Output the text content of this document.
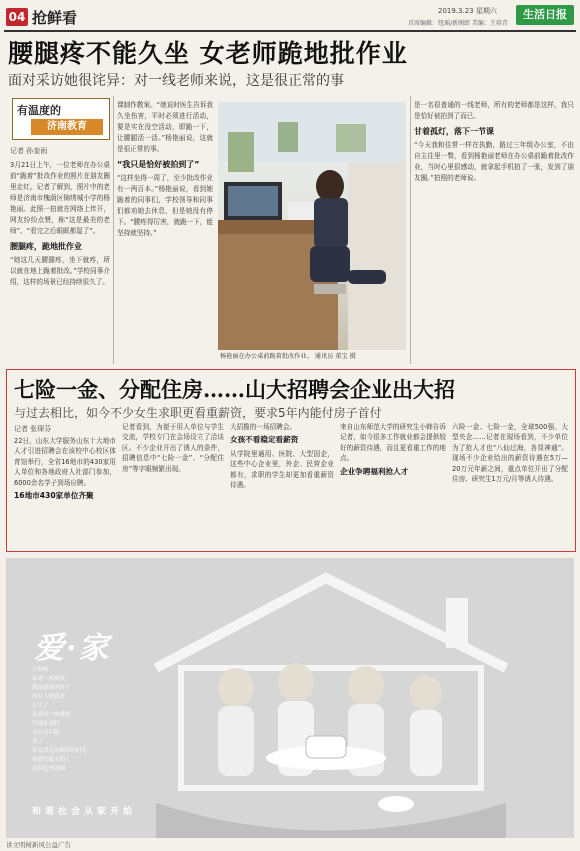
04 抢鲜看	2019.3.23 星期六
首席编辑：纽瑶/新阁郎 美编：王培青
生活日报
腰腿疼不能久坐 女老师跪地批作业
面对采访她很诧异：对一线老师来说，这是很正常的事
有温度的
济南教育
记者 孙奎雨
3月21日上午，一位老师在办公桌前“跪着”批改作业的照片在朋友圈里走红。记者了解到，照片中的老师是济南市槐荫区锦绣城小学的杨艳丽。此照一拍就在网络上传开，网友纷纷点赞，称“这是最美的老师”、“看完之后眼眶都湿了”。
腰腿疼，跪地批作业
“她这几天腰腿疼，坐下就疼，所以就在地上跪着批改。”学校同事介绍，这样的场景已经持续很久了。
课制作教案。“她说时医生告诉我久坐伤害，平时必须进行活动，要是实在没空活动，即跪一下，让腰腿活一活。”杨艳丽说，这就是很正常的事。
“我只是恰好被拍到了”
“这样坐得一周了，至少批改作业有一两百本。”杨艳丽说，看到她跪着的同事们，学校领导和同事们都劝她去休息，但是她没有停下。“腰疼得厉害，就跪一下，能坚持就坚持。”
杨艳丽在办公桌前跪着批改作业。 通讯员 董宝 摄
是一名很普通的一线老师，所有的老师都是这样，我只是恰好被拍到了而已。
甘着孤灯，落下一节课
“今天我和往常一样在执勤，路过三年级办公室，不由自主往里一瞥，看到杨艳丽老师在办公桌前跪着批改作业，当时心里很感动，就拿起手机拍了一张，发到了朋友圈。”拍照的老师说。
七险一金、分配住房……山大招聘会企业出大招
与过去相比，如今不少女生求职更看重薪资，要求5年内能付房子首付
记者 张琛芬
22日，山东大学服务山东十大地市人才引进招聘会在该校中心校区体育馆举行，全省16地市的430家用人单位和各地政府人社部门参加，6000余名学子到场应聘。
16地市430家单位齐聚
记者看到，为便于用人单位与学生交流，学校专门在会场设立了洽谈区。不少企业开出了诱人的条件，招聘信息中“七险一金”、“分配住房”等字眼频繁出现。
大招揽的一场招聘会。
女孩不看稳定看薪资
从学院里通用、医院、大型国企，这些中心企业里，外企、民营企业都有，求职的学生却更加看重薪资待遇。
来自山东师范大学的研究生小韩告诉记者，如今很多工作就业都会提供较好的薪资待遇，而且更看重工作的地点。
企业争聘福利抢人才
六险一金、七险一金，全球500强、大型央企……记者在现场看到，不少单位为了抢人才也“八仙过海，各显神通”。 现场不少企业给出的薪资待遇在5万—20万元年薪之间，重点单位开出了分配住房、研究生1万元/月等诱人待遇。
爱·家
小时候
家是一座城堡
满是鼓励的样子
没有人把我来
长大了
家变成一座港湾
风雨来袭时
才会有归程
老了
家变成无法倒带的时光
和我们最亲的人
在回忆里团圆
和谐社会从家开始
讲文明树新风公益广告
